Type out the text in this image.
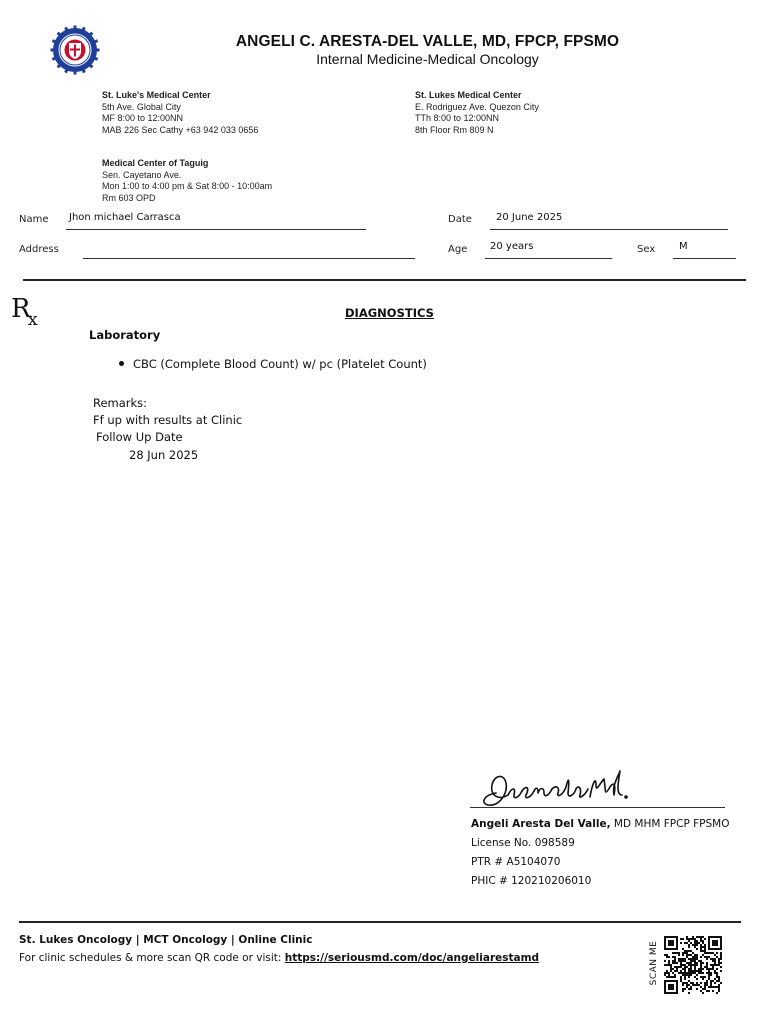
ANGELI C. ARESTA-DEL VALLE, MD, FPCP, FPSMO
Internal Medicine-Medical Oncology
St. Luke's Medical Center
5th Ave. Global City
MF 8:00 to 12:00NN
MAB 226 Sec Cathy +63 942 033 0656
St. Lukes Medical Center
E. Rodriguez Ave. Quezon City
TTh 8:00 to 12:00NN
8th Floor Rm 809 N
Medical Center of Taguig
Sen. Cayetano Ave.
Mon 1:00 to 4:00 pm & Sat 8:00 - 10:00am
Rm 603 OPD
Name Jhon michael Carrasca	Date 20 June 2025
Address	Age 20 years	Sex M
$R_x$	DIAGNOSTICS
Laboratory
CBC (Complete Blood Count) w/ pc (Platelet Count)
Remarks:
Ff up with results at Clinic
Follow Up Date
28 Jun 2025
Angeli Aresta Del Valle, MD MHM FPCP FPSMO
License No. 098589
PTR # A5104070
PHIC # 120210206010
St. Lukes Oncology | MCT Oncology | Online Clinic
For clinic schedules & more scan QR code or visit: https://seriousmd.com/doc/angeliarestamd	SCAN ME
